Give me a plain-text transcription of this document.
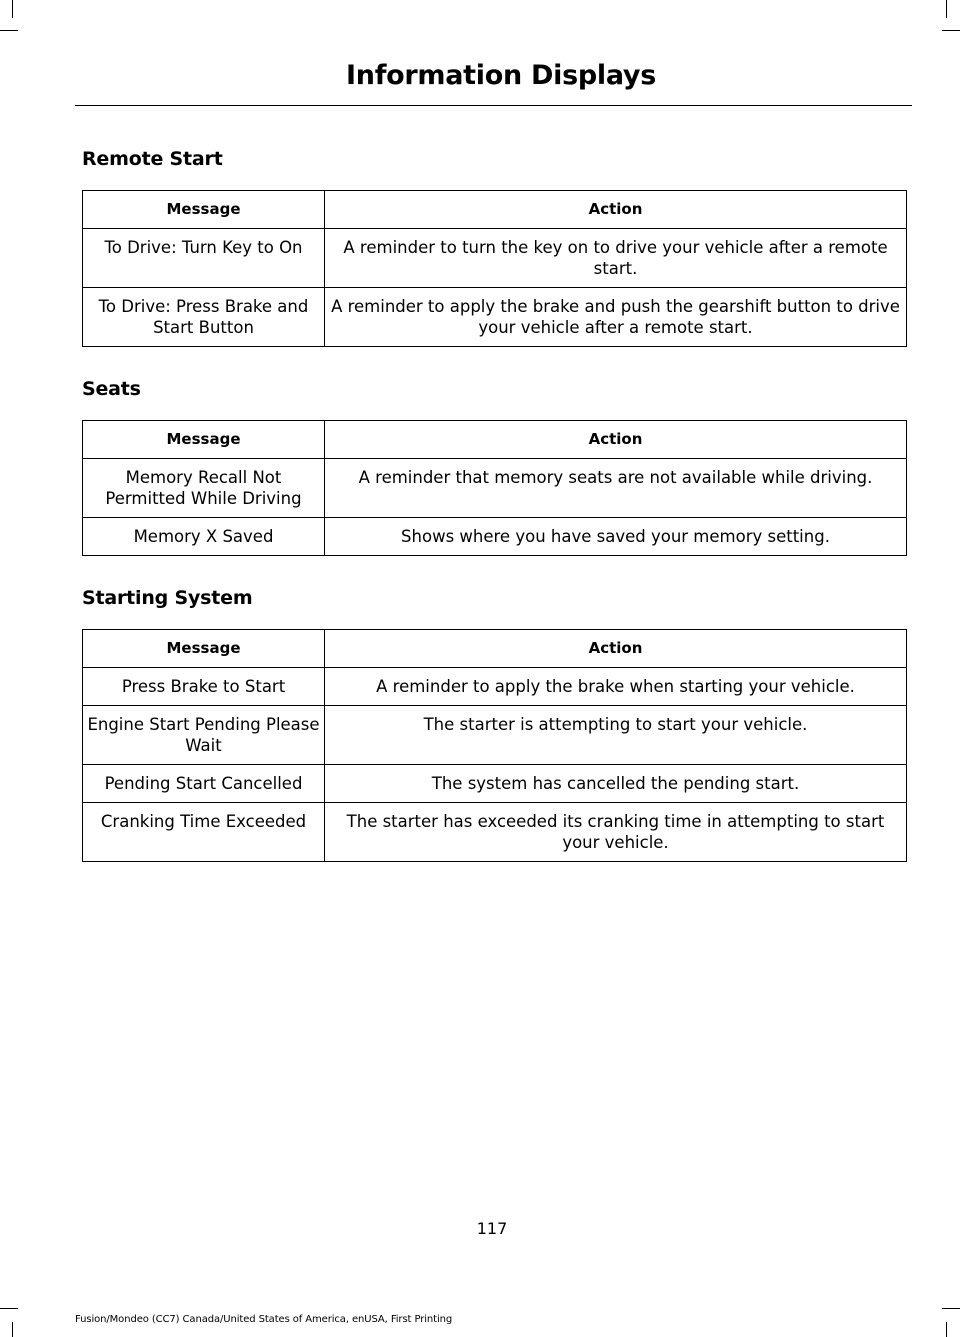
Information Displays
Remote Start
Message	Action
To Drive: Turn Key to On	A reminder to turn the key on to drive your vehicle after a remote start.
To Drive: Press Brake and Start Button	A reminder to apply the brake and push the gearshift button to drive your vehicle after a remote start.
Seats
Message	Action
Memory Recall Not Permitted While Driving	A reminder that memory seats are not available while driving.
Memory X Saved	Shows where you have saved your memory setting.
Starting System
Message	Action
Press Brake to Start	A reminder to apply the brake when starting your vehicle.
Engine Start Pending Please Wait	The starter is attempting to start your vehicle.
Pending Start Cancelled	The system has cancelled the pending start.
Cranking Time Exceeded	The starter has exceeded its cranking time in attempting to start your vehicle.
117
Fusion/Mondeo (CC7) Canada/United States of America, enUSA, First Printing
